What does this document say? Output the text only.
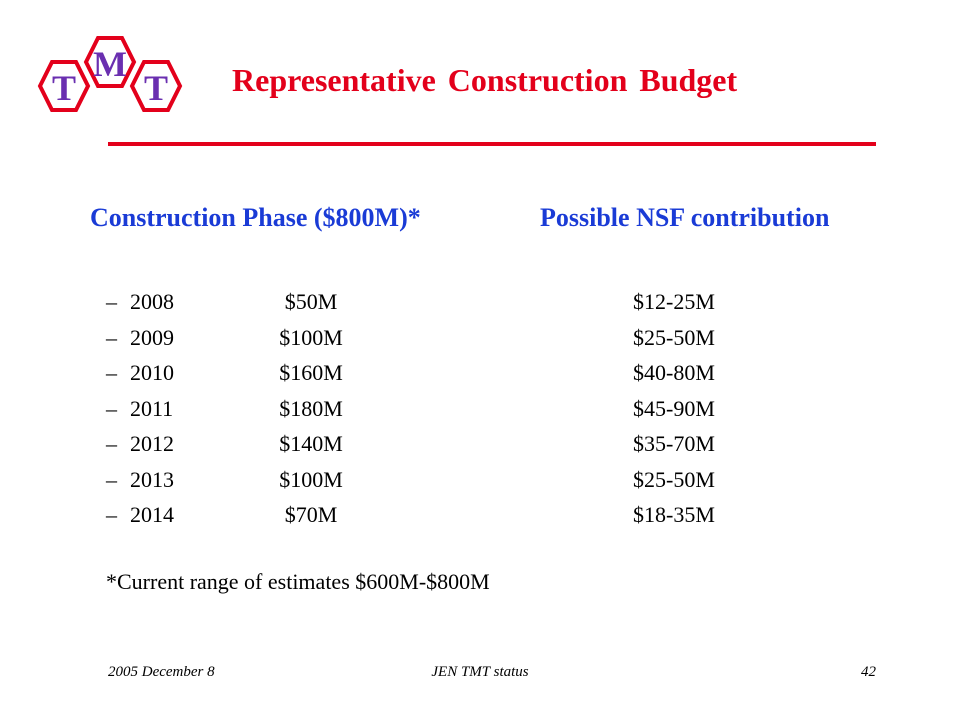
T
M
T Representative Construction Budget
Construction Phase ($800M)*	Possible NSF contribution
– 2008	$50M	$12-25M
– 2009	$100M	$25-50M
– 2010	$160M	$40-80M
– 2011	$180M	$45-90M
– 2012	$140M	$35-70M
– 2013	$100M	$25-50M
– 2014	$70M	$18-35M
*Current range of estimates $600M-$800M
2005 December 8	JEN TMT status	42
